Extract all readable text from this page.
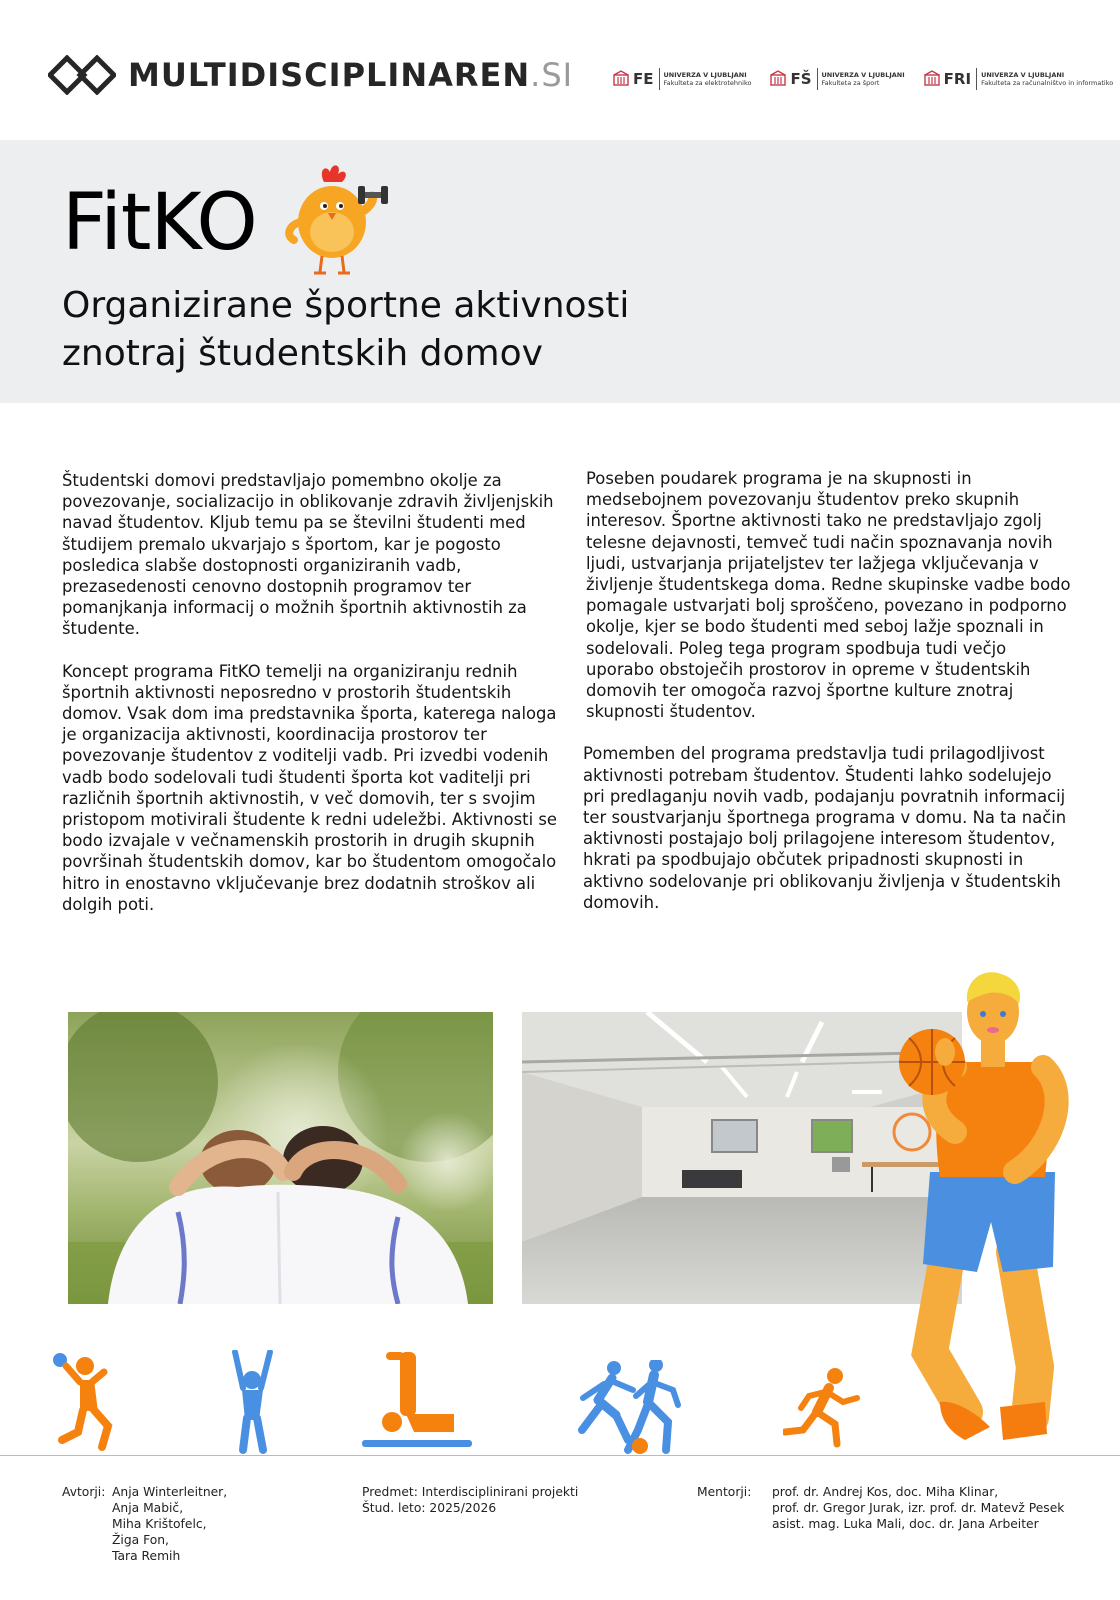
MULTIDISCIPLINAREN.SI	FE UNIVERZA V LJUBLJANI
Fakulteta za elektrotehniko	FŠ UNIVERZA V LJUBLJANI
Fakulteta za šport	FRI UNIVERZA V LJUBLJANI
Fakulteta za računalništvo in informatiko
FitKO
Organizirane športne aktivnosti
znotraj študentskih domov

Študentski domovi predstavljajo pomembno okolje za povezovanje, socializacijo in oblikovanje zdravih življenjskih navad študentov. Kljub temu pa se številni študenti med študijem premalo ukvarjajo s športom, kar je pogosto posledica slabše dostopnosti organiziranih vadb, prezasedenosti cenovno dostopnih programov ter pomanjkanja informacij o možnih športnih aktivnostih za študente.

Koncept programa FitKO temelji na organiziranju rednih športnih aktivnosti neposredno v prostorih študentskih domov. Vsak dom ima predstavnika športa, katerega naloga je organizacija aktivnosti, koordinacija prostorov ter povezovanje študentov z voditelji vadb. Pri izvedbi vodenih vadb bodo sodelovali tudi študenti športa kot vaditelji pri različnih športnih aktivnostih, v več domovih, ter s svojim pristopom motivirali študente k redni udeležbi. Aktivnosti se bodo izvajale v večnamenskih prostorih in drugih skupnih površinah študentskih domov, kar bo študentom omogočalo hitro in enostavno vključevanje brez dodatnih stroškov ali dolgih poti.

Poseben poudarek programa je na skupnosti in medsebojnem povezovanju študentov preko skupnih interesov. Športne aktivnosti tako ne predstavljajo zgolj telesne dejavnosti, temveč tudi način spoznavanja novih ljudi, ustvarjanja prijateljstev ter lažjega vključevanja v življenje študentskega doma. Redne skupinske vadbe bodo pomagale ustvarjati bolj sproščeno, povezano in podporno okolje, kjer se bodo študenti med seboj lažje spoznali in sodelovali. Poleg tega program spodbuja tudi večjo uporabo obstoječih prostorov in opreme v študentskih domovih ter omogoča razvoj športne kulture znotraj skupnosti študentov.

Pomemben del programa predstavlja tudi prilagodljivost aktivnosti potrebam študentov. Študenti lahko sodelujejo pri predlaganju novih vadb, podajanju povratnih informacij ter soustvarjanju športnega programa v domu. Na ta način aktivnosti postajajo bolj prilagojene interesom študentov, hkrati pa spodbujajo občutek pripadnosti skupnosti in aktivno sodelovanje pri oblikovanju življenja v študentskih domovih.

Avtorji: Anja Winterleitner,
Anja Mabič,
Miha Krištofelc,
Žiga Fon,
Tara Remih
Predmet: Interdisciplinirani projekti
Štud. leto: 2025/2026
Mentorji:	prof. dr. Andrej Kos, doc. Miha Klinar,
prof. dr. Gregor Jurak, izr. prof. dr. Matevž Pesek
asist. mag. Luka Mali, doc. dr. Jana Arbeiter
